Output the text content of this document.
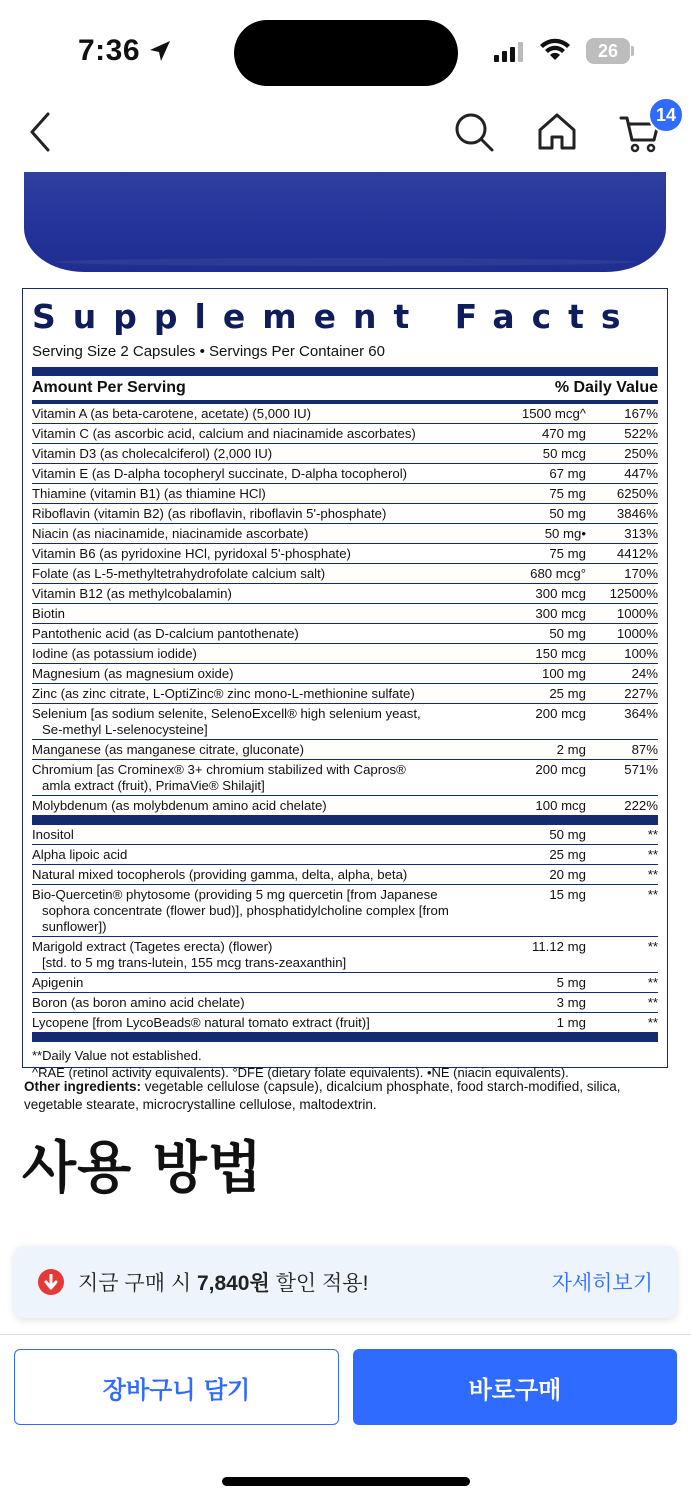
7:36	26
14
Supplement Facts
Serving Size 2 Capsules • Servings Per Container 60
Amount Per Serving	% Daily Value
Vitamin A (as beta-carotene, acetate) (5,000 IU)	1500 mcg^	167%
Vitamin C (as ascorbic acid, calcium and niacinamide ascorbates)	470 mg	522%
Vitamin D3 (as cholecalciferol) (2,000 IU)	50 mcg	250%
Vitamin E (as D-alpha tocopheryl succinate, D-alpha tocopherol)	67 mg	447%
Thiamine (vitamin B1) (as thiamine HCl)	75 mg	6250%
Riboflavin (vitamin B2) (as riboflavin, riboflavin 5'-phosphate)	50 mg	3846%
Niacin (as niacinamide, niacinamide ascorbate)	50 mg•	313%
Vitamin B6 (as pyridoxine HCl, pyridoxal 5'-phosphate)	75 mg	4412%
Folate (as L-5-methyltetrahydrofolate calcium salt)	680 mcg°	170%
Vitamin B12 (as methylcobalamin)	300 mcg	12500%
Biotin	300 mcg	1000%
Pantothenic acid (as D-calcium pantothenate)	50 mg	1000%
Iodine (as potassium iodide)	150 mcg	100%
Magnesium (as magnesium oxide)	100 mg	24%
Zinc (as zinc citrate, L-OptiZinc® zinc mono-L-methionine sulfate)	25 mg	227%
Selenium [as sodium selenite, SelenoExcell® high selenium yeast,
Se-methyl L-selenocysteine]	200 mcg	364%
Manganese (as manganese citrate, gluconate)	2 mg	87%
Chromium [as Crominex® 3+ chromium stabilized with Capros®
amla extract (fruit), PrimaVie® Shilajit]	200 mcg	571%
Molybdenum (as molybdenum amino acid chelate)	100 mcg	222%
Inositol	50 mg	**
Alpha lipoic acid	25 mg	**
Natural mixed tocopherols (providing gamma, delta, alpha, beta)	20 mg	**
Bio-Quercetin® phytosome (providing 5 mg quercetin [from Japanese
sophora concentrate (flower bud)], phosphatidylcholine complex [from sunflower])	15 mg	**
Marigold extract (Tagetes erecta) (flower)
[std. to 5 mg trans-lutein, 155 mcg trans-zeaxanthin]	11.12 mg	**
Apigenin	5 mg	**
Boron (as boron amino acid chelate)	3 mg	**
Lycopene [from LycoBeads® natural tomato extract (fruit)]	1 mg	**
**Daily Value not established.
^RAE (retinol activity equivalents). °DFE (dietary folate equivalents). •NE (niacin equivalents).
Other ingredients: vegetable cellulose (capsule), dicalcium phosphate, food starch-modified, silica, vegetable stearate, microcrystalline cellulose, maltodextrin.
사용 방법
지금 구매 시 7,840원 할인 적용!	자세히보기
장바구니 담기	바로구매
